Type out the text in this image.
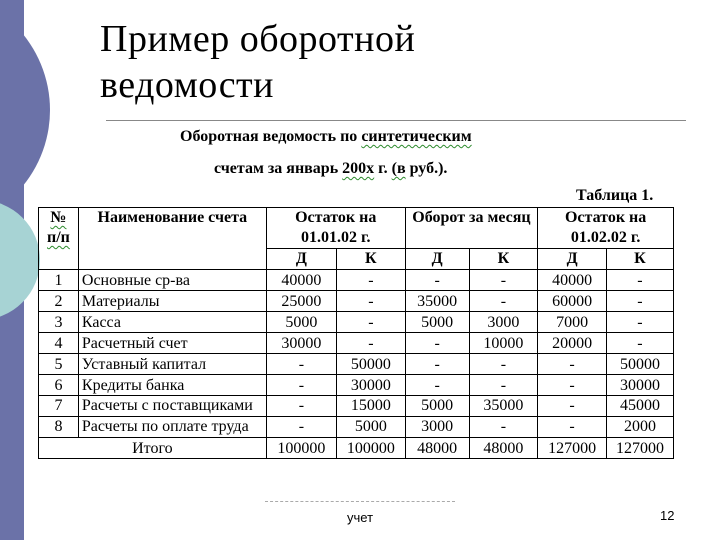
Пример оборотной
ведомости
Оборотная ведомость по синтетическим
счетам за январь 200x г. (в руб.).
Таблица 1.
№ п/п	Наименование счета	Остаток на 01.01.02 г.		Оборот за месяц		Остаток на 01.02.02 г.	
		Д	К	Д	К	Д	К
1	Основные ср-ва	40000	-	-	-	40000	-
2	Материалы	25000	-	35000	-	60000	-
3	Касса	5000	-	5000	3000	7000	-
4	Расчетный счет	30000	-	-	10000	20000	-
5	Уставный капитал	-	50000	-	-	-	50000
6	Кредиты банка	-	30000	-	-	-	30000
7	Расчеты с поставщиками	-	15000	5000	35000	-	45000
8	Расчеты по оплате труда	-	5000	3000	-	-	2000
Итого		100000	100000	48000	48000	127000	127000
учет	12
